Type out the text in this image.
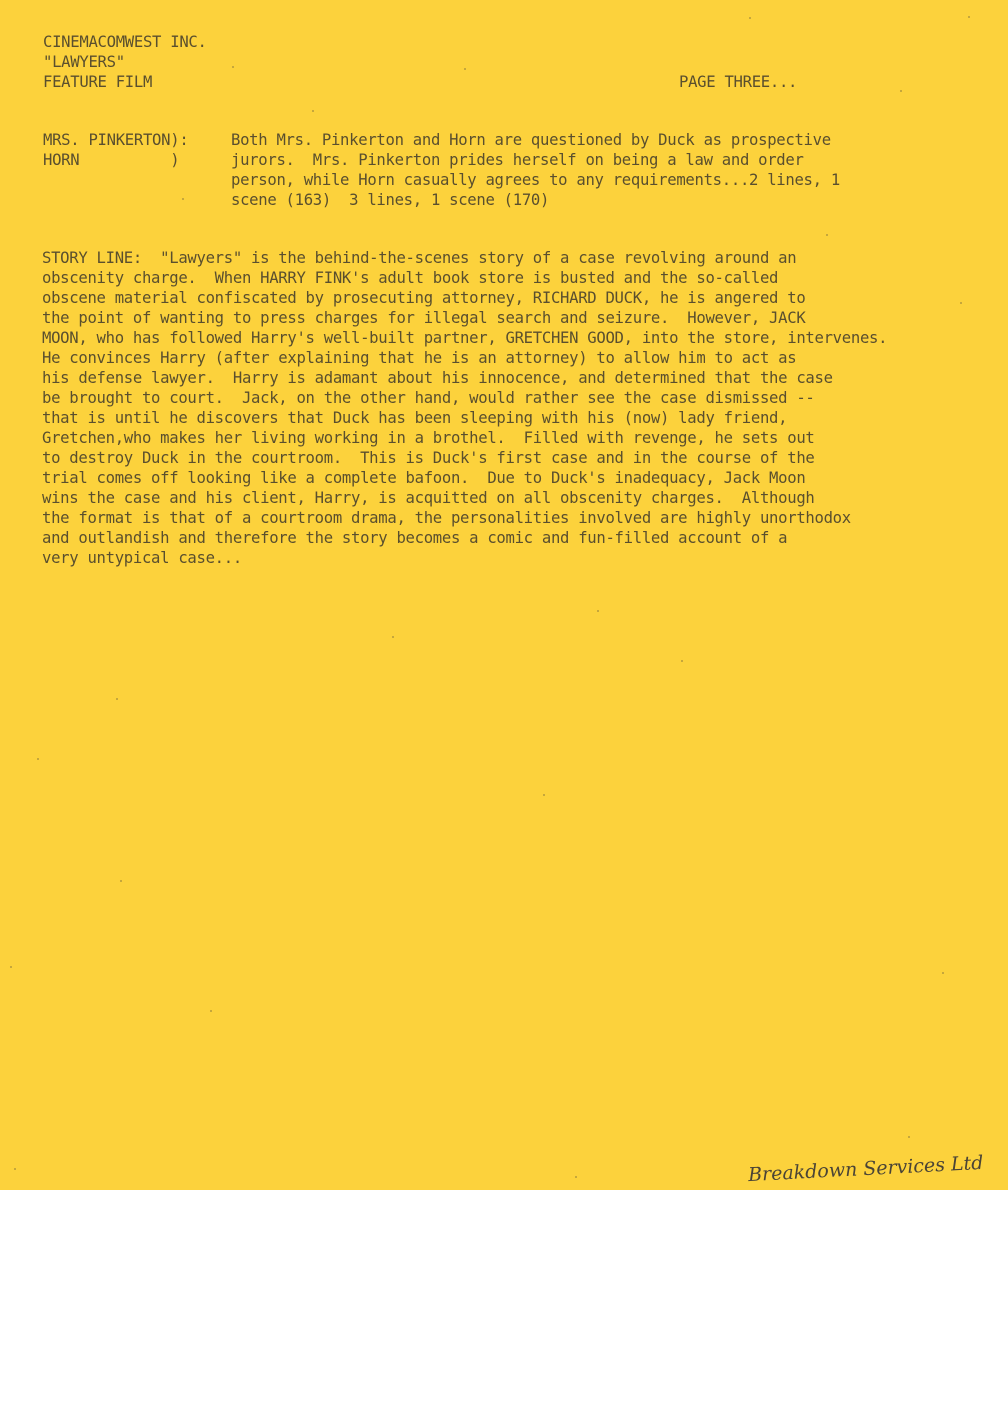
CINEMACOMWEST INC.
"LAWYERS"
FEATURE FILM	PAGE THREE...
MRS. PINKERTON):
HORN          )
Both Mrs. Pinkerton and Horn are questioned by Duck as prospective
jurors.  Mrs. Pinkerton prides herself on being a law and order
person, while Horn casually agrees to any requirements...2 lines, 1
scene (163)  3 lines, 1 scene (170)
STORY LINE:  "Lawyers" is the behind-the-scenes story of a case revolving around an
obscenity charge.  When HARRY FINK's adult book store is busted and the so-called
obscene material confiscated by prosecuting attorney, RICHARD DUCK, he is angered to
the point of wanting to press charges for illegal search and seizure.  However, JACK
MOON, who has followed Harry's well-built partner, GRETCHEN GOOD, into the store, intervenes.
He convinces Harry (after explaining that he is an attorney) to allow him to act as
his defense lawyer.  Harry is adamant about his innocence, and determined that the case
be brought to court.  Jack, on the other hand, would rather see the case dismissed --
that is until he discovers that Duck has been sleeping with his (now) lady friend,
Gretchen,who makes her living working in a brothel.  Filled with revenge, he sets out
to destroy Duck in the courtroom.  This is Duck's first case and in the course of the
trial comes off looking like a complete bafoon.  Due to Duck's inadequacy, Jack Moon
wins the case and his client, Harry, is acquitted on all obscenity charges.  Although
the format is that of a courtroom drama, the personalities involved are highly unorthodox
and outlandish and therefore the story becomes a comic and fun-filled account of a
very untypical case...
Breakdown Services Ltd
